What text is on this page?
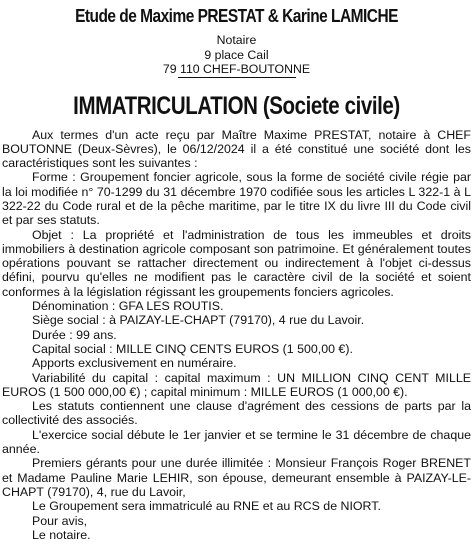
Etude de Maxime PRESTAT & Karine LAMICHE
Notaire
9 place Cail
79 110 CHEF-BOUTONNE
IMMATRICULATION (Societe civile)

Aux termes d'un acte reçu par Maître Maxime PRESTAT, notaire à CHEF BOUTONNE (Deux-Sèvres), le 06/12/2024 il a été constitué une société dont les caractéristiques sont les suivantes :

Forme : Groupement foncier agricole, sous la forme de société civile régie par la loi modifiée n° 70-1299 du 31 décembre 1970 codifiée sous les articles L 322-1 à L 322-22 du Code rural et de la pêche maritime, par le titre IX du livre III du Code civil et par ses statuts.

Objet : La propriété et l'administration de tous les immeubles et droits immobiliers à destination agricole composant son patrimoine. Et généralement toutes opérations pouvant se rattacher directement ou indirectement à l'objet ci-dessus défini, pourvu qu'elles ne modifient pas le caractère civil de la société et soient conformes à la législation régissant les groupements fonciers agricoles.

Dénomination : GFA LES ROUTIS.

Siège social : à PAIZAY-LE-CHAPT (79170), 4 rue du Lavoir.

Durée : 99 ans.

Capital social : MILLE CINQ CENTS EUROS (1 500,00 €).

Apports exclusivement en numéraire.

Variabilité du capital : capital maximum : UN MILLION CINQ CENT MILLE EUROS (1 500 000,00 €) ; capital minimum : MILLE EUROS (1 000,00 €).

Les statuts contiennent une clause d'agrément des cessions de parts par la collectivité des associés.

L'exercice social débute le 1er janvier et se termine le 31 décembre de chaque année.

Premiers gérants pour une durée illimitée : Monsieur François Roger BRENET et Madame Pauline Marie LEHIR, son épouse, demeurant ensemble à PAIZAY-LE-CHAPT (79170), 4, rue du Lavoir,

Le Groupement sera immatriculé au RNE et au RCS de NIORT.

Pour avis,

Le notaire.
